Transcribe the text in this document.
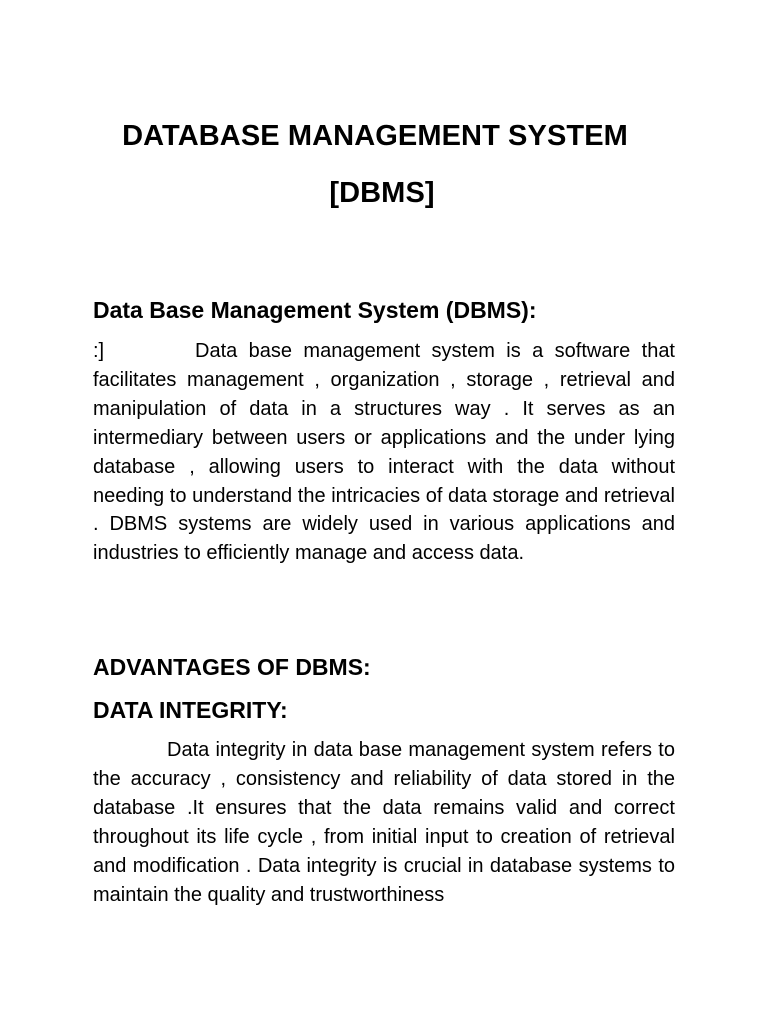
DATABASE MANAGEMENT SYSTEM
[DBMS]
Data Base Management System (DBMS):

:]	Data base management system is a software that facilitates management , organization , storage , retrieval and manipulation of data in a structures way . It serves as an intermediary between users or applications and the under lying database , allowing users to interact with the data without needing to understand the intricacies of data storage and retrieval . DBMS systems are widely used in various applications and industries to efficiently manage and access data.

ADVANTAGES OF DBMS:
DATA INTEGRITY:

Data integrity in data base management system refers to the accuracy , consistency and reliability of data stored in the database .It ensures that the data remains valid and correct throughout its life cycle , from initial input to creation of retrieval and modification . Data integrity is crucial in database systems to maintain the quality and trustworthiness
